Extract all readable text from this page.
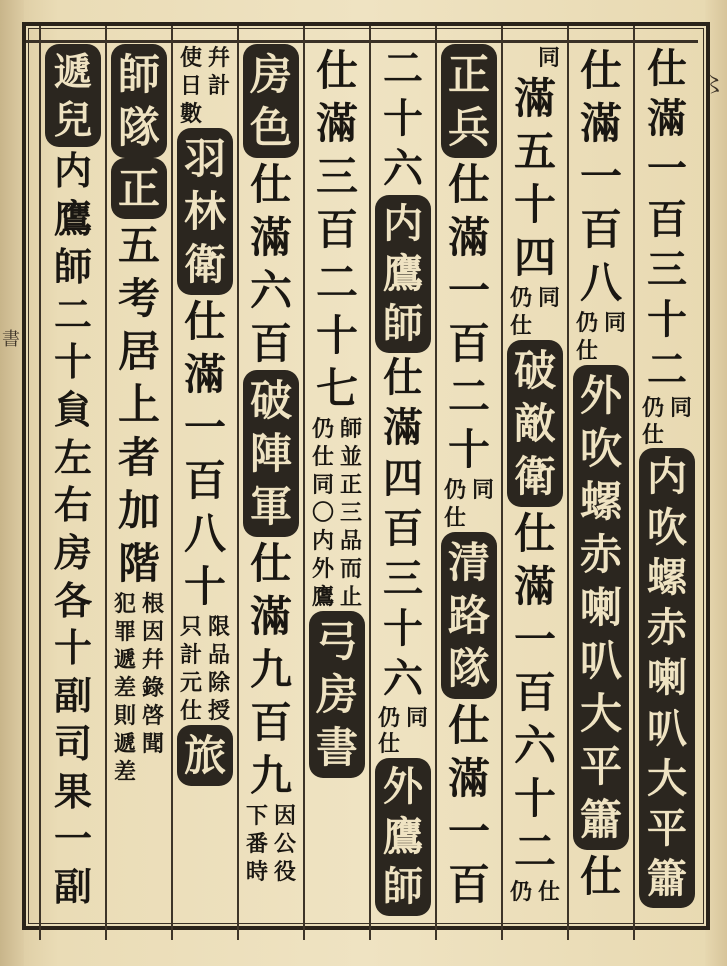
書
〻
仕
滿
一
百
三
十
二
同
仍
仕
内
吹
螺
赤
喇
叭
大
平
簫
仕
滿
一
百
八
同
仍
仕
外
吹
螺
赤
喇
叭
大
平
簫
仕
同
滿
五
十
四
同
仍
仕
破
敵
衛
仕
滿
一
百
六
十
二
仕
仍
正
兵
仕
滿
一
百
二
十
同
仍
仕
清
路
隊
仕
滿
一
百
二
十
六
内
鷹
師
仕
滿
四
百
三
十
六
同
仍
仕
外
鷹
師
仕
滿
三
百
二
十
七
師
並
正
三
品
而
止
仍
仕
同
〇
内
外
鷹
弓
房
書
房
色
仕
滿
六
百
破
陣
軍
仕
滿
九
百
九
因
公
役
下
番
時
幷
計
使
日
數
羽
林
衛
仕
滿
一
百
八
十
限
品
除
授
只
計
元
仕
旅
師
隊
正
五
考
居
上
者
加
階
根
因
幷
錄
啓
聞
犯
罪
遞
差
則
遞
差
遞
兒
内
鷹
師
二
十
貟
左
右
房
各
十
副
司
果
一
副
